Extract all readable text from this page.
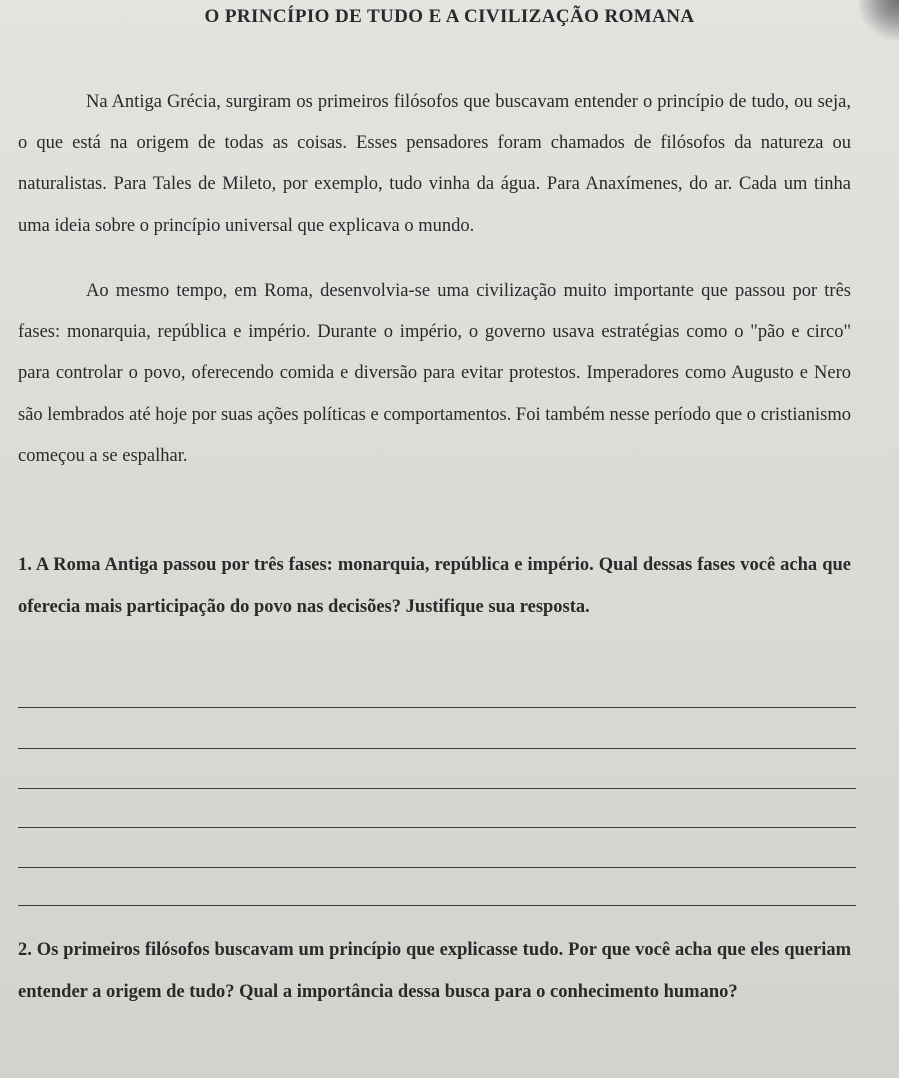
O PRINCÍPIO DE TUDO E A CIVILIZAÇÃO ROMANA

Na Antiga Grécia, surgiram os primeiros filósofos que buscavam entender o princípio de tudo, ou seja, o que está na origem de todas as coisas. Esses pensadores foram chamados de filósofos da natureza ou naturalistas. Para Tales de Mileto, por exemplo, tudo vinha da água. Para Anaxímenes, do ar. Cada um tinha uma ideia sobre o princípio universal que explicava o mundo.

Ao mesmo tempo, em Roma, desenvolvia-se uma civilização muito importante que passou por três fases: monarquia, república e império. Durante o império, o governo usava estratégias como o "pão e circo" para controlar o povo, oferecendo comida e diversão para evitar protestos. Imperadores como Augusto e Nero são lembrados até hoje por suas ações políticas e comportamentos. Foi também nesse período que o cristianismo começou a se espalhar.

1. A Roma Antiga passou por três fases: monarquia, república e império. Qual dessas fases você acha que oferecia mais participação do povo nas decisões? Justifique sua resposta.

2. Os primeiros filósofos buscavam um princípio que explicasse tudo. Por que você acha que eles queriam entender a origem de tudo? Qual a importância dessa busca para o conhecimento humano?
